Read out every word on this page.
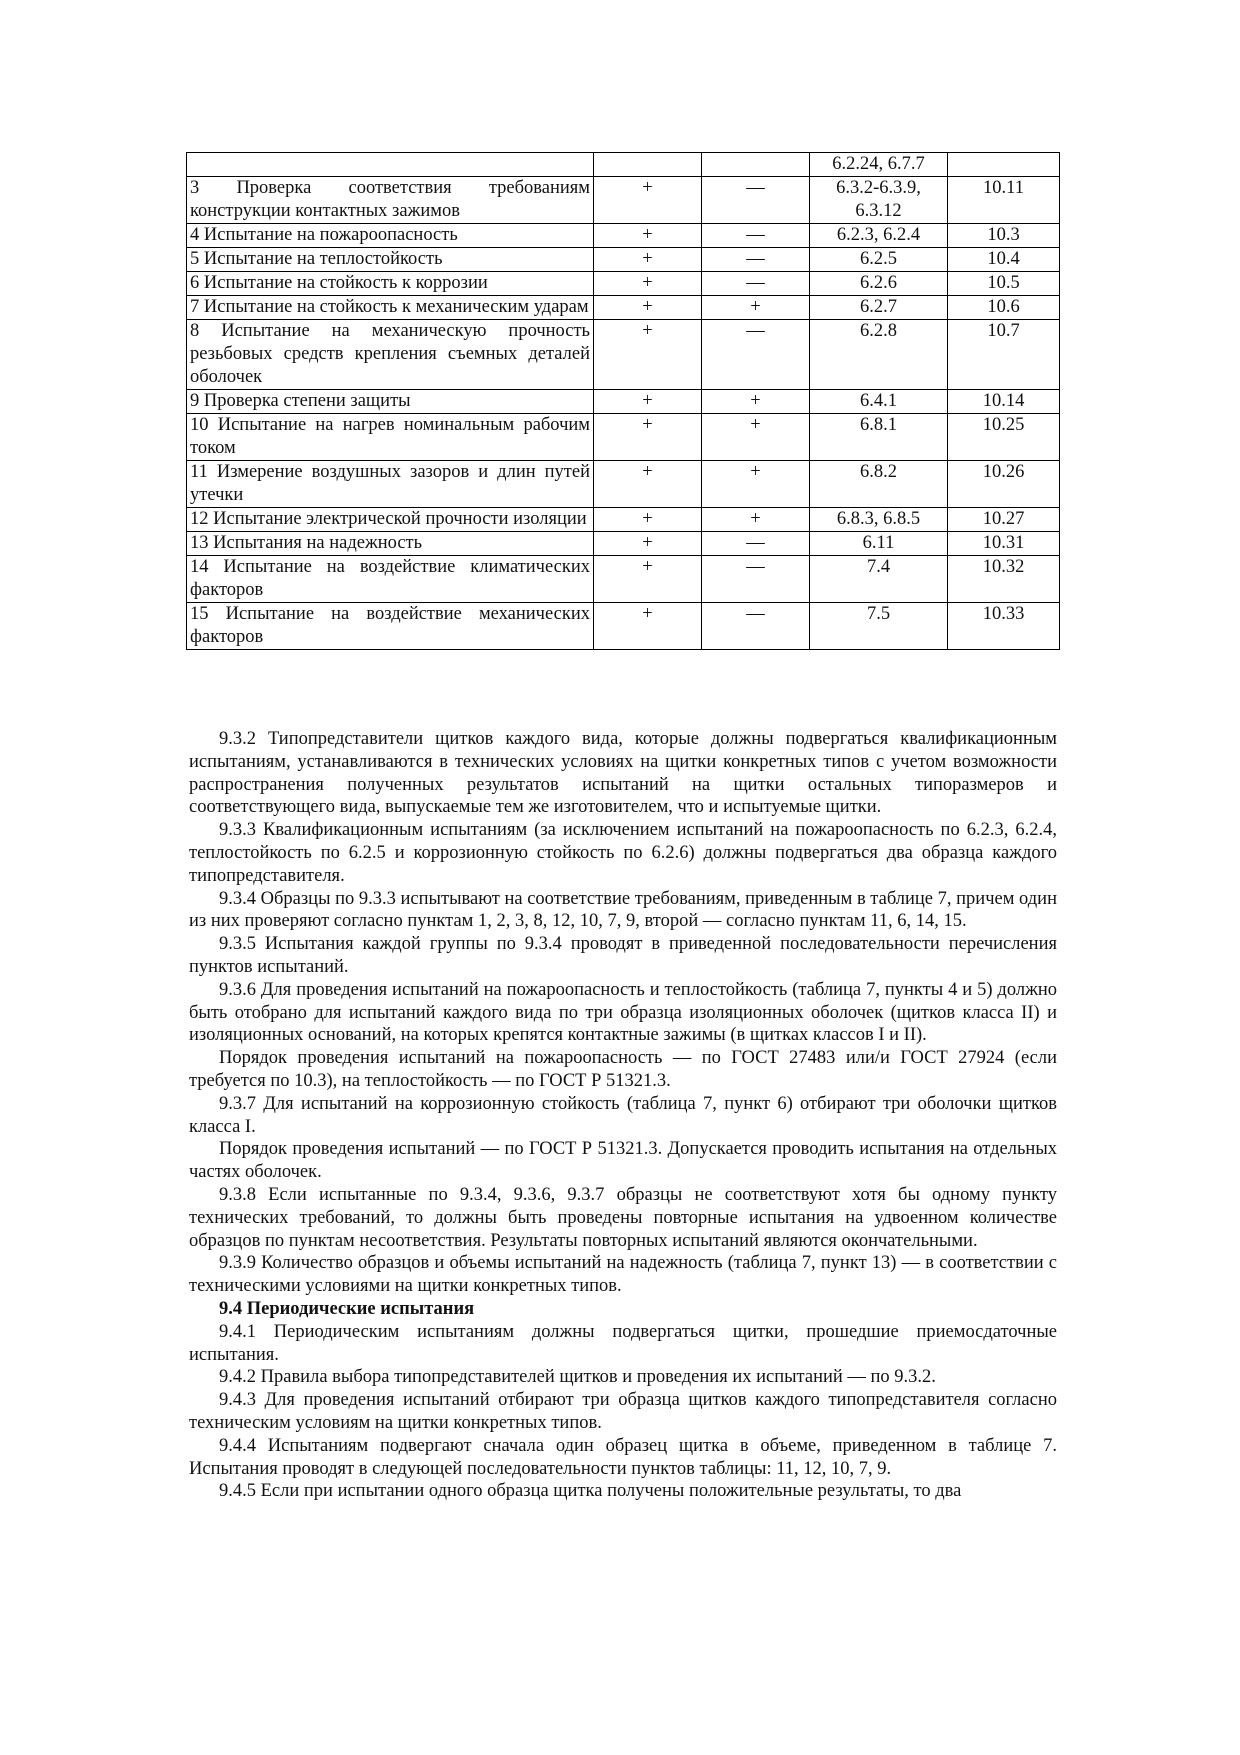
			6.2.24, 6.7.7	
3 Проверка соответствия требованиям конструкции контактных зажимов	+	—	6.3.2-6.3.9, 6.3.12	10.11
4 Испытание на пожароопасность	+	—	6.2.3, 6.2.4	10.3
5 Испытание на теплостойкость	+	—	6.2.5	10.4
6 Испытание на стойкость к коррозии	+	—	6.2.6	10.5
7 Испытание на стойкость к механическим ударам	+	+	6.2.7	10.6
8 Испытание на механическую прочность резьбовых средств крепления съемных деталей оболочек	+	—	6.2.8	10.7
9 Проверка степени защиты	+	+	6.4.1	10.14
10 Испытание на нагрев номинальным рабочим током	+	+	6.8.1	10.25
11 Измерение воздушных зазоров и длин путей утечки	+	+	6.8.2	10.26
12 Испытание электрической прочности изоляции	+	+	6.8.3, 6.8.5	10.27
13 Испытания на надежность	+	—	6.11	10.31
14 Испытание на воздействие климатических факторов	+	—	7.4	10.32
15 Испытание на воздействие механических факторов	+	—	7.5	10.33

9.3.2 Типопредставители щитков каждого вида, которые должны подвергаться квалификационным испытаниям, устанавливаются в технических условиях на щитки конкретных типов с учетом возможности распространения полученных результатов испытаний на щитки остальных типоразмеров и соответствующего вида, выпускаемые тем же изготовителем, что и испытуемые щитки.

9.3.3 Квалификационным испытаниям (за исключением испытаний на пожароопасность по 6.2.3, 6.2.4, теплостойкость по 6.2.5 и коррозионную стойкость по 6.2.6) должны подвергаться два образца каждого типопредставителя.

9.3.4 Образцы по 9.3.3 испытывают на соответствие требованиям, приведенным в таблице 7, причем один из них проверяют согласно пунктам 1, 2, 3, 8, 12, 10, 7, 9, второй — согласно пунктам 11, 6, 14, 15.

9.3.5 Испытания каждой группы по 9.3.4 проводят в приведенной последовательности перечисления пунктов испытаний.

9.3.6 Для проведения испытаний на пожароопасность и теплостойкость (таблица 7, пункты 4 и 5) должно быть отобрано для испытаний каждого вида по три образца изоляционных оболочек (щитков класса II) и изоляционных оснований, на которых крепятся контактные зажимы (в щитках классов I и II).

Порядок проведения испытаний на пожароопасность — по ГОСТ 27483 или/и ГОСТ 27924 (если требуется по 10.3), на теплостойкость — по ГОСТ Р 51321.3.

9.3.7 Для испытаний на коррозионную стойкость (таблица 7, пункт 6) отбирают три оболочки щитков класса I.

Порядок проведения испытаний — по ГОСТ Р 51321.3. Допускается проводить испытания на отдельных частях оболочек.

9.3.8 Если испытанные по 9.3.4, 9.3.6, 9.3.7 образцы не соответствуют хотя бы одному пункту технических требований, то должны быть проведены повторные испытания на удвоенном количестве образцов по пунктам несоответствия. Результаты повторных испытаний являются окончательными.

9.3.9 Количество образцов и объемы испытаний на надежность (таблица 7, пункт 13) — в соответствии с техническими условиями на щитки конкретных типов.

9.4 Периодические испытания

9.4.1 Периодическим испытаниям должны подвергаться щитки, прошедшие приемосдаточные испытания.

9.4.2 Правила выбора типопредставителей щитков и проведения их испытаний — по 9.3.2.

9.4.3 Для проведения испытаний отбирают три образца щитков каждого типопредставителя согласно техническим условиям на щитки конкретных типов.

9.4.4 Испытаниям подвергают сначала один образец щитка в объеме, приведенном в таблице 7. Испытания проводят в следующей последовательности пунктов таблицы: 11, 12, 10, 7, 9.

9.4.5 Если при испытании одного образца щитка получены положительные результаты, то два
